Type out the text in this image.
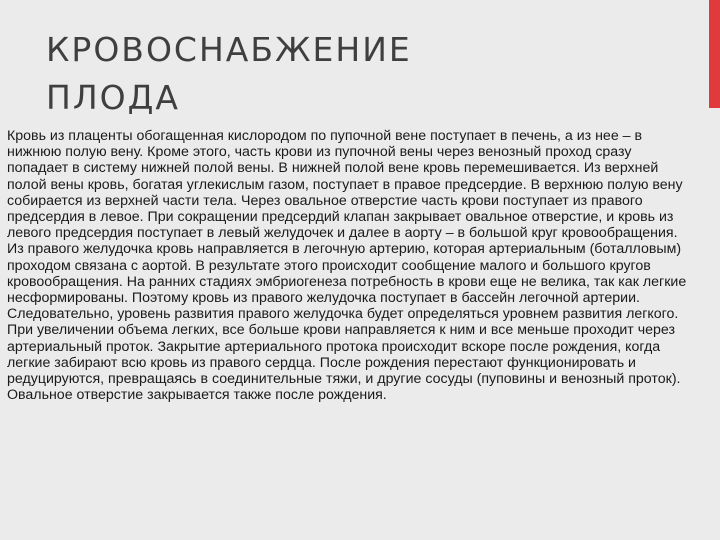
КРОВОСНАБЖЕНИЕ
ПЛОДА

Кровь из плаценты обогащенная кислородом по пупочной вене поступает в печень, а из нее – в нижнюю полую вену. Кроме этого, часть крови из пупочной вены через венозный проход сразу попадает в систему нижней полой вены. В нижней полой вене кровь перемешивается. Из верхней полой вены кровь, богатая углекислым газом, поступает в правое предсердие. В верхнюю полую вену собирается из верхней части тела. Через овальное отверстие часть крови поступает из правого предсердия в левое. При сокращении предсердий клапан закрывает овальное отверстие, и кровь из левого предсердия поступает в левый желудочек и далее в аорту – в большой круг кровообращения. Из правого желудочка кровь направляется в легочную артерию, которая артериальным (боталловым) проходом связана с аортой. В результате этого происходит сообщение малого и большого кругов кровообращения. На ранних стадиях эмбриогенеза потребность в крови еще не велика, так как легкие несформированы. Поэтому кровь из правого желудочка поступает в бассейн легочной артерии. Следовательно, уровень развития правого желудочка будет определяться уровнем развития легкого. При увеличении объема легких, все больше крови направляется к ним и все меньше проходит через артериальный проток. Закрытие артериального протока происходит вскоре после рождения, когда легкие забирают всю кровь из правого сердца. После рождения перестают функционировать и редуцируются, превращаясь в соединительные тяжи, и другие сосуды (пуповины и венозный проток). Овальное отверстие закрывается также после рождения.
